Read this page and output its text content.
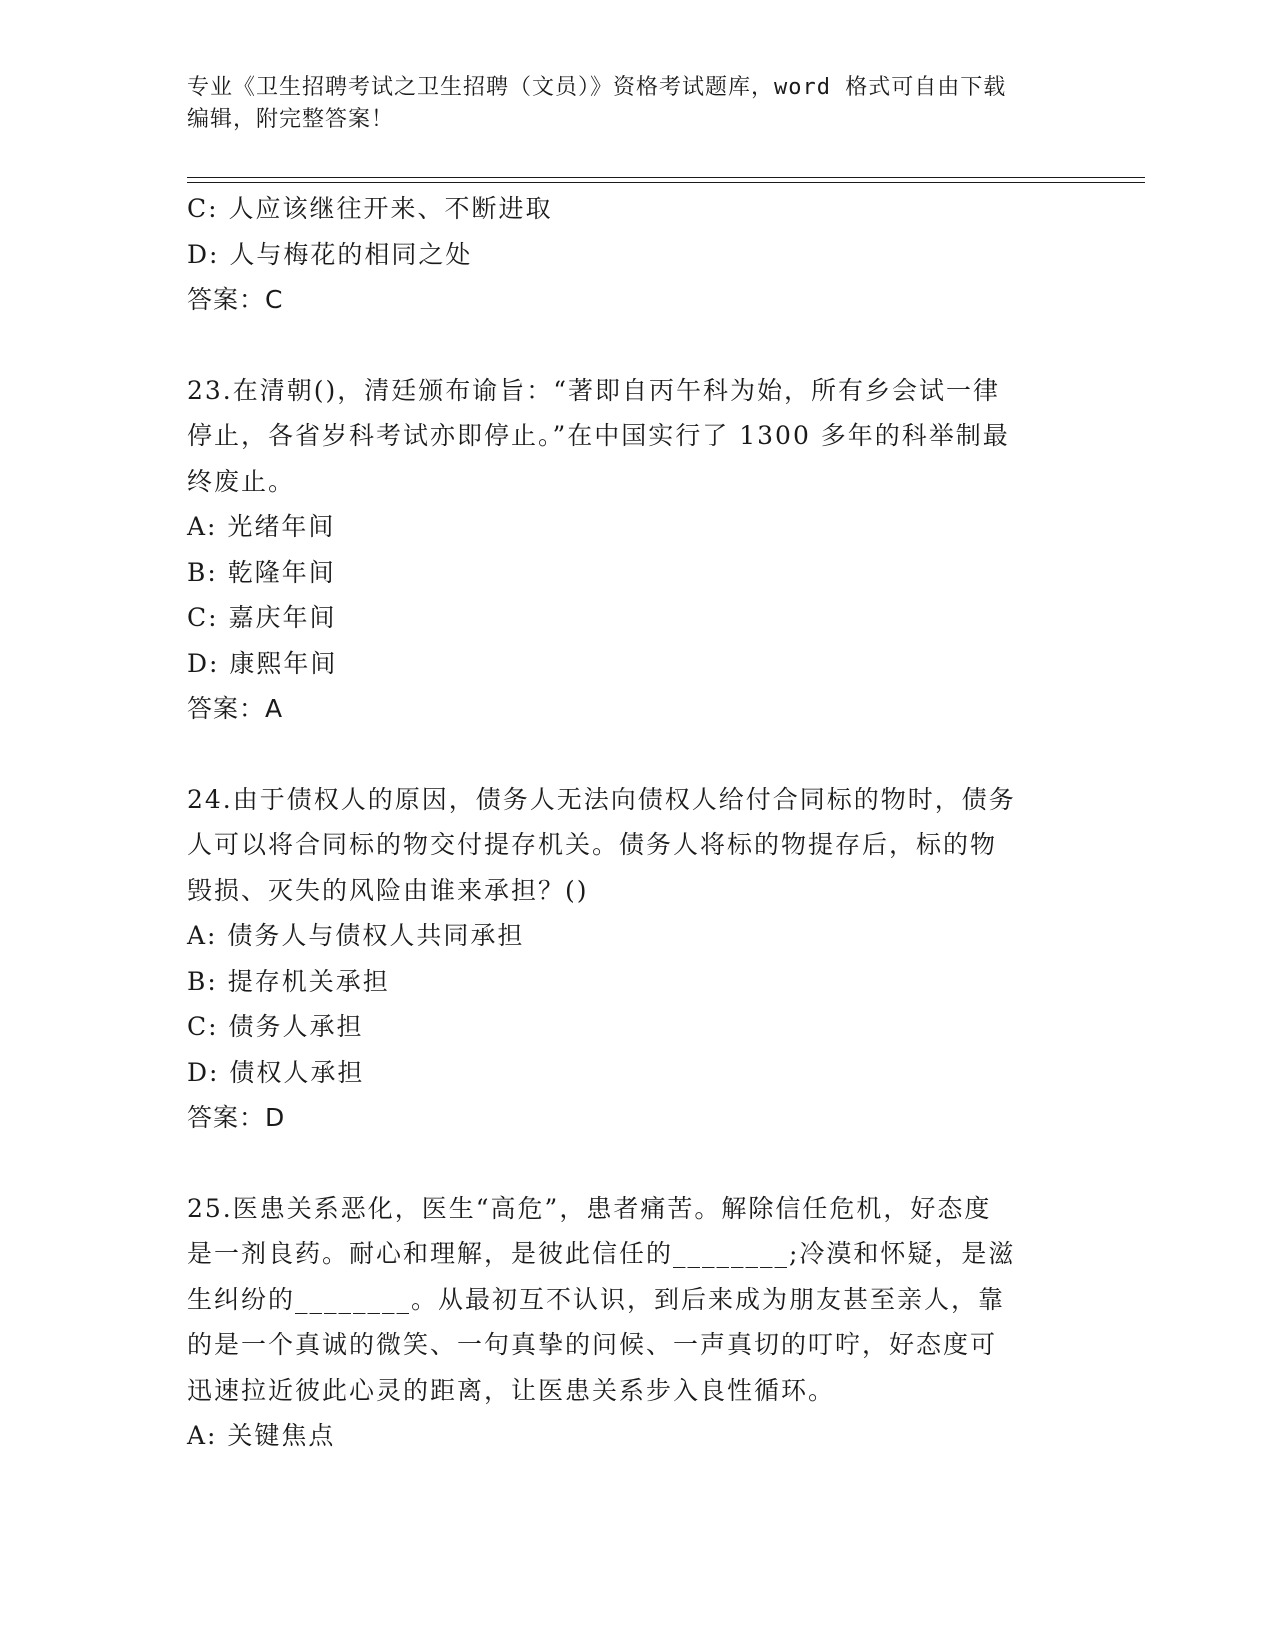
专业《卫生招聘考试之卫生招聘（文员）》资格考试题库，word 格式可自由下载
编辑，附完整答案！
C: 人应该继往开来、不断进取
D: 人与梅花的相同之处
答案：C
23.在清朝()，清廷颁布谕旨：“著即自丙午科为始，所有乡会试一律
停止，各省岁科考试亦即停止。”在中国实行了 1300 多年的科举制最
终废止。
A: 光绪年间
B: 乾隆年间
C: 嘉庆年间
D: 康熙年间
答案：A
24.由于债权人的原因，债务人无法向债权人给付合同标的物时，债务
人可以将合同标的物交付提存机关。债务人将标的物提存后，标的物
毁损、灭失的风险由谁来承担？()
A: 债务人与债权人共同承担
B: 提存机关承担
C: 债务人承担
D: 债权人承担
答案：D
25.医患关系恶化，医生“高危”，患者痛苦。解除信任危机，好态度
是一剂良药。耐心和理解，是彼此信任的________;冷漠和怀疑，是滋
生纠纷的________。从最初互不认识，到后来成为朋友甚至亲人，靠
的是一个真诚的微笑、一句真挚的问候、一声真切的叮咛，好态度可
迅速拉近彼此心灵的距离，让医患关系步入良性循环。
A: 关键焦点
